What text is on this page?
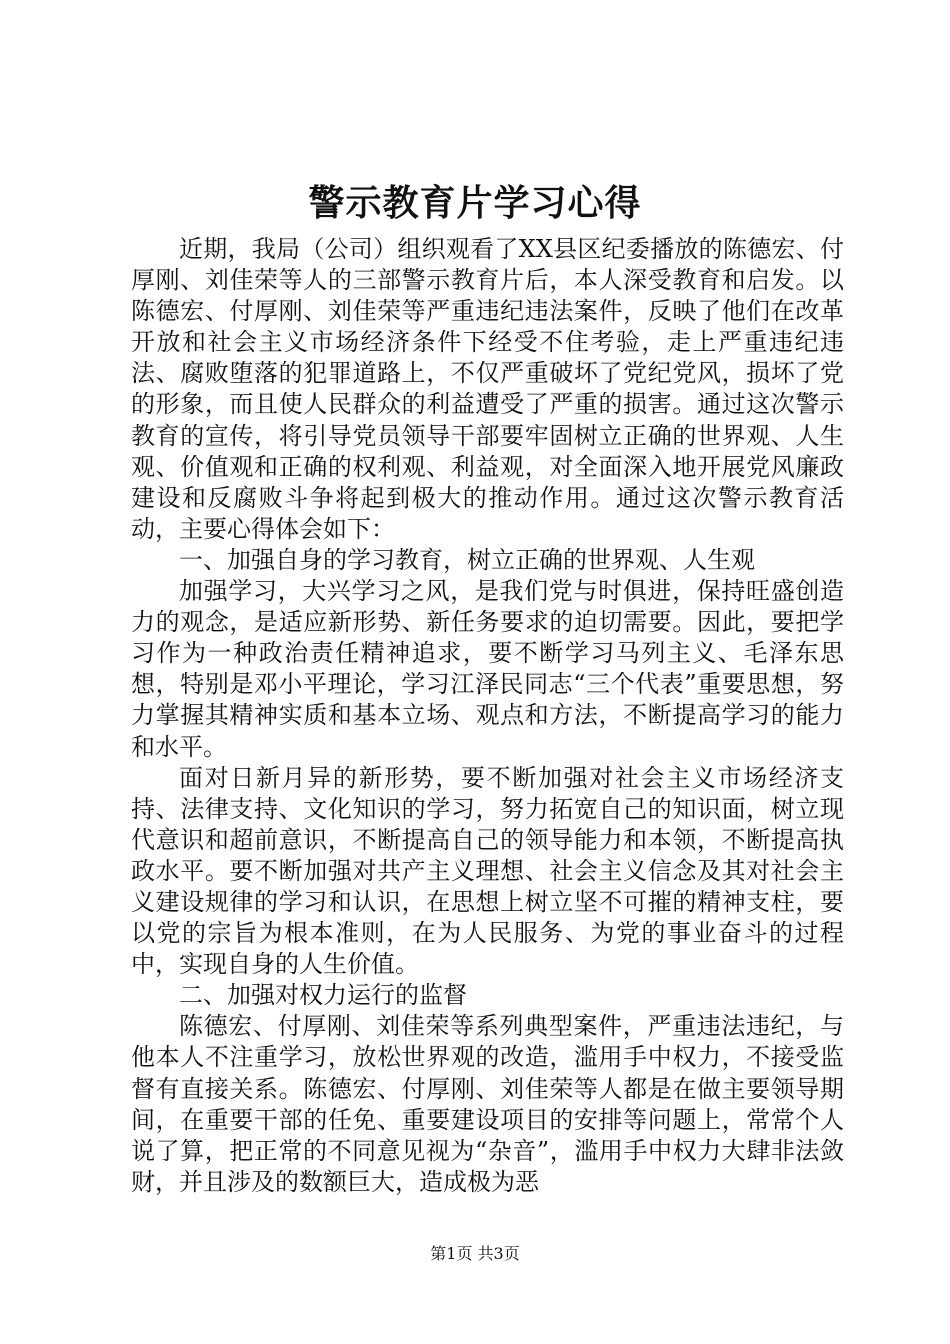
警示教育片学习心得

近期，我局（公司）组织观看了XX县区纪委播放的陈德宏、付厚刚、刘佳荣等人的三部警示教育片后，本人深受教育和启发。以陈德宏、付厚刚、刘佳荣等严重违纪违法案件，反映了他们在改革开放和社会主义市场经济条件下经受不住考验，走上严重违纪违法、腐败堕落的犯罪道路上，不仅严重破坏了党纪党风，损坏了党的形象，而且使人民群众的利益遭受了严重的损害。通过这次警示教育的宣传，将引导党员领导干部要牢固树立正确的世界观、人生观、价值观和正确的权利观、利益观，对全面深入地开展党风廉政建设和反腐败斗争将起到极大的推动作用。通过这次警示教育活动，主要心得体会如下：

一、加强自身的学习教育，树立正确的世界观、人生观

加强学习，大兴学习之风，是我们党与时俱进，保持旺盛创造力的观念，是适应新形势、新任务要求的迫切需要。因此，要把学习作为一种政治责任精神追求，要不断学习马列主义、毛泽东思想，特别是邓小平理论，学习江泽民同志“三个代表”重要思想，努力掌握其精神实质和基本立场、观点和方法，不断提高学习的能力和水平。

面对日新月异的新形势，要不断加强对社会主义市场经济支持、法律支持、文化知识的学习，努力拓宽自己的知识面，树立现代意识和超前意识，不断提高自己的领导能力和本领，不断提高执政水平。要不断加强对共产主义理想、社会主义信念及其对社会主义建设规律的学习和认识，在思想上树立坚不可摧的精神支柱，要以党的宗旨为根本准则，在为人民服务、为党的事业奋斗的过程中，实现自身的人生价值。

二、加强对权力运行的监督

陈德宏、付厚刚、刘佳荣等系列典型案件，严重违法违纪，与他本人不注重学习，放松世界观的改造，滥用手中权力，不接受监督有直接关系。陈德宏、付厚刚、刘佳荣等人都是在做主要领导期间，在重要干部的任免、重要建设项目的安排等问题上，常常个人说了算，把正常的不同意见视为“杂音”，滥用手中权力大肆非法敛财，并且涉及的数额巨大，造成极为恶

第1页 共3页
